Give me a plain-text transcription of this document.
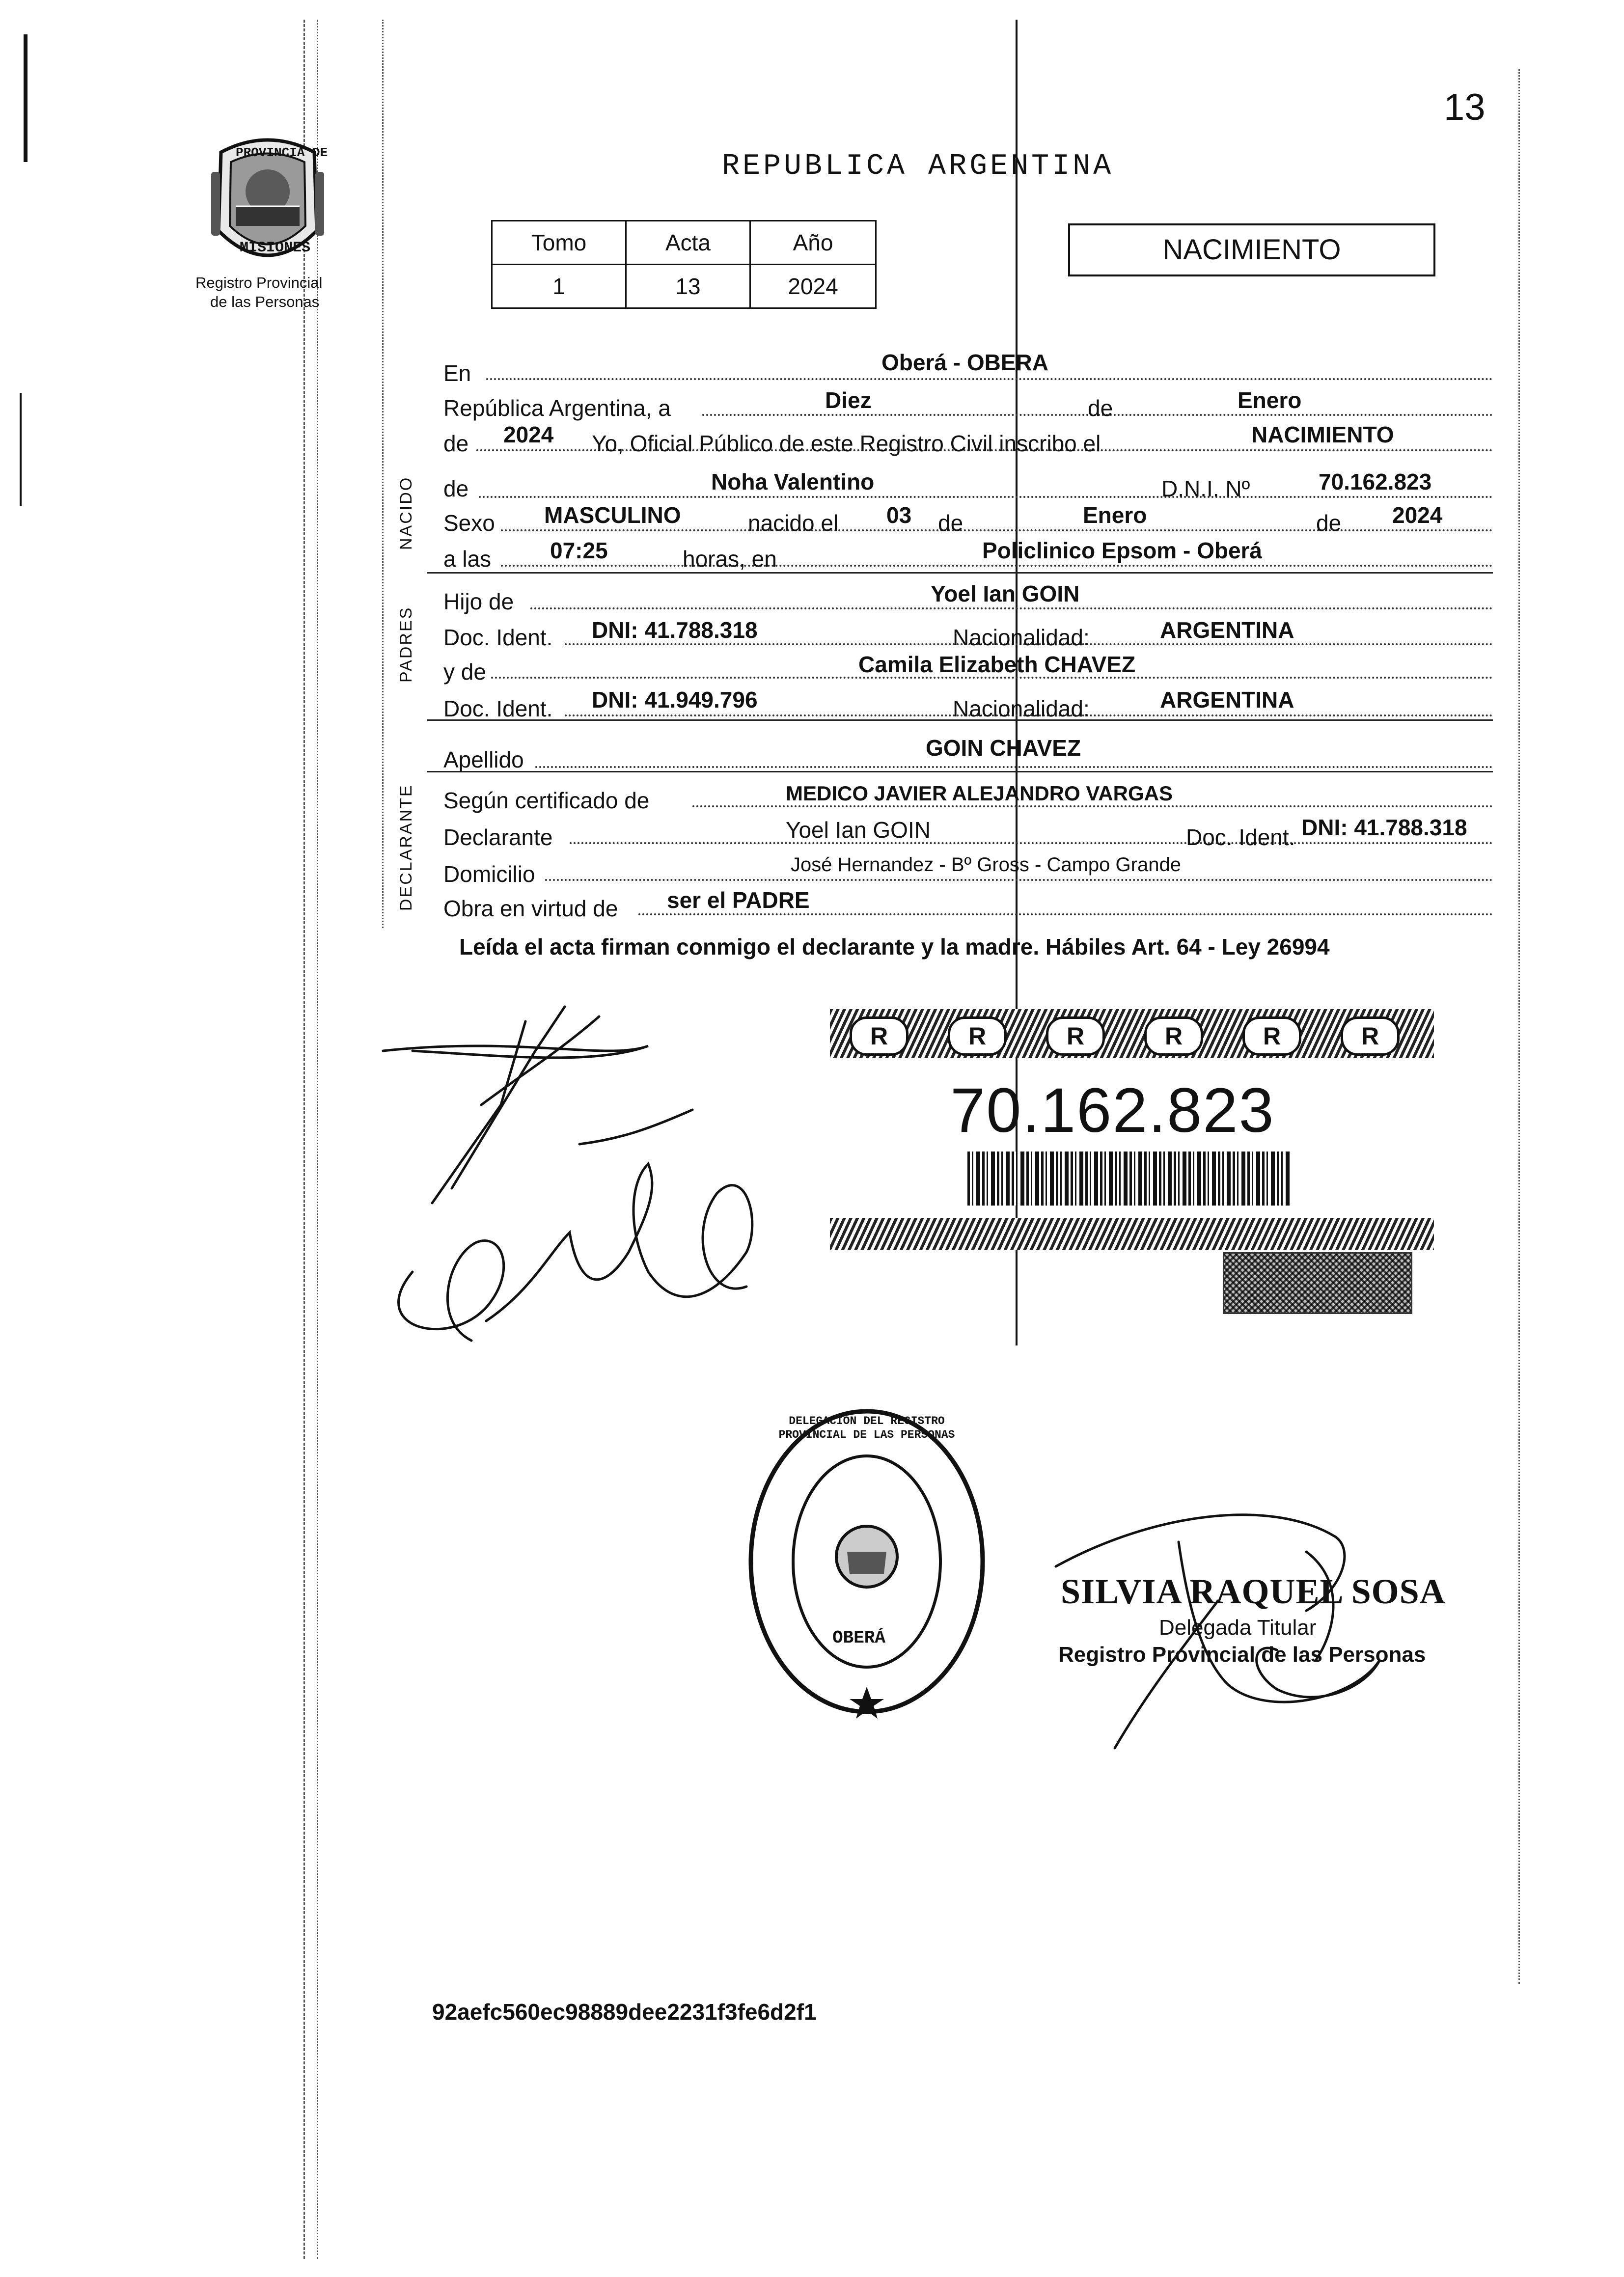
13
PROVINCIA DE
MISIONES
Registro Provincial
de las Personas
REPUBLICA ARGENTINA
Tomo	Acta	Año
1	13	2024
NACIMIENTO
NACIDO
PADRES
DECLARANTE
En	Oberá - OBERA
República Argentina, a	Diez	de	Enero
de 2024 Yo, Oficial Público de este Registro Civil inscribo el	NACIMIENTO
de	Noha Valentino	D.N.I. Nº	70.162.823
Sexo MASCULINO	nacido el 03 de	Enero	de 2024
a las	07:25	horas, en	Policlinico Epsom - Oberá
Hijo de	Yoel Ian GOIN
Doc. Ident. DNI: 41.788.318	Nacionalidad:	ARGENTINA
y de	Camila Elizabeth CHAVEZ
Doc. Ident. DNI: 41.949.796	Nacionalidad:	ARGENTINA
Apellido	GOIN CHAVEZ
Según certificado de	MEDICO JAVIER ALEJANDRO VARGAS
Declarante	Yoel Ian GOIN	Doc. Ident. DNI: 41.788.318
Domicilio	José Hernandez - Bº Gross - Campo Grande
Obra en virtud de ser el PADRE
Leída el acta firman conmigo el declarante y la madre. Hábiles Art. 64 - Ley 26994
R	R	R	R	R	R
70.162.823
DELEGACION DEL REGISTRO PROVINCIAL DE LAS PERSONAS
OBERÁ
SILVIA RAQUEL SOSA
Delegada Titular
Registro Provincial de las Personas
92aefc560ec98889dee2231f3fe6d2f1
